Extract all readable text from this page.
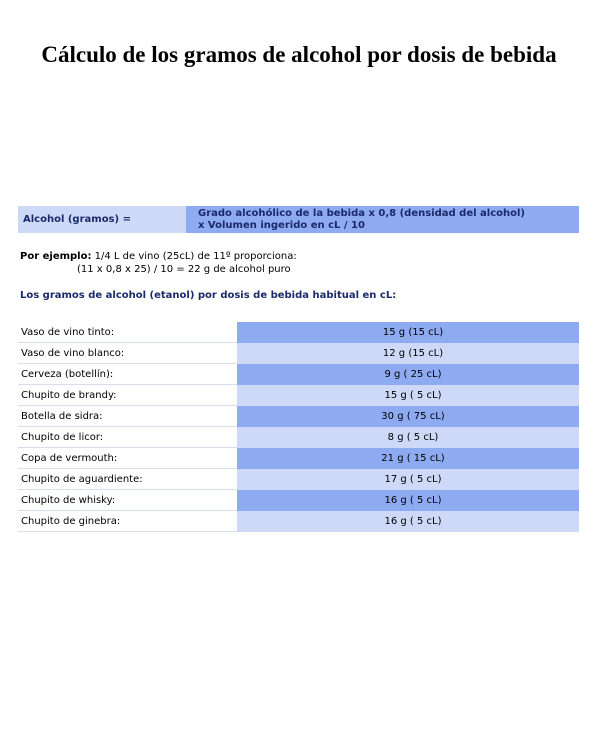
Cálculo de los gramos de alcohol por dosis de bebida
Alcohol (gramos) =
Grado alcohólico de la bebida x 0,8 (densidad del alcohol)
x Volumen ingerido en cL / 10
Por ejemplo: 1/4 L de vino (25cL) de 11º proporciona:
(11 x 0,8 x 25) / 10 = 22 g de alcohol puro
Los gramos de alcohol (etanol) por dosis de bebida habitual en cL:
Vaso de vino tinto:	15 g (15 cL)
Vaso de vino blanco:	12 g (15 cL)
Cerveza (botellín):	9 g ( 25 cL)
Chupito de brandy:	15 g ( 5 cL)
Botella de sidra:	30 g ( 75 cL)
Chupito de licor:	8 g ( 5 cL)
Copa de vermouth:	21 g ( 15 cL)
Chupito de aguardiente:	17 g ( 5 cL)
Chupito de whisky:	16 g ( 5 cL)
Chupito de ginebra:	16 g ( 5 cL)
